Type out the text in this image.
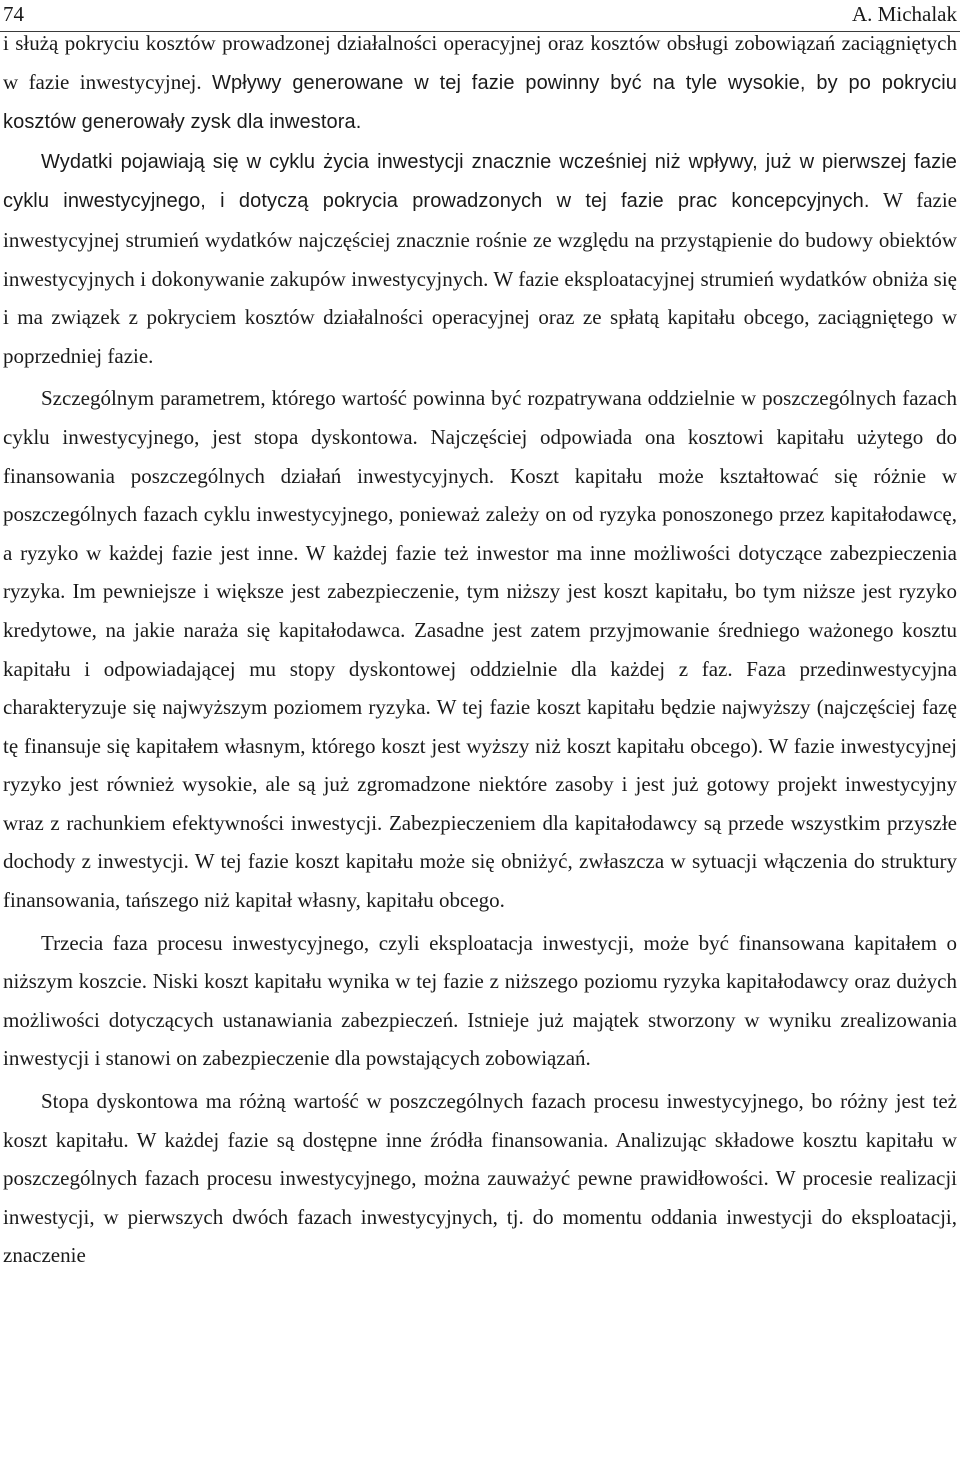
74	A. Michalak

i służą pokryciu kosztów prowadzonej działalności operacyjnej oraz kosztów obsługi zobowiązań zaciągniętych w fazie inwestycyjnej. Wpływy generowane w tej fazie powinny być na tyle wysokie, by po pokryciu kosztów generowały zysk dla inwestora.

Wydatki pojawiają się w cyklu życia inwestycji znacznie wcześniej niż wpływy, już w pierwszej fazie cyklu inwestycyjnego, i dotyczą pokrycia prowadzonych w tej fazie prac koncepcyjnych. W fazie inwestycyjnej strumień wydatków najczęściej znacznie rośnie ze względu na przystąpienie do budowy obiektów inwestycyjnych i dokonywanie zakupów inwestycyjnych. W fazie eksploatacyjnej strumień wydatków obniża się i ma związek z pokryciem kosztów działalności operacyjnej oraz ze spłatą kapitału obcego, zaciągniętego w poprzedniej fazie.

Szczególnym parametrem, którego wartość powinna być rozpatrywana oddzielnie w poszczególnych fazach cyklu inwestycyjnego, jest stopa dyskontowa. Najczęściej odpowiada ona kosztowi kapitału użytego do finansowania poszczególnych działań inwestycyjnych. Koszt kapitału może kształtować się różnie w poszczególnych fazach cyklu inwestycyjnego, ponieważ zależy on od ryzyka ponoszonego przez kapitałodawcę, a ryzyko w każdej fazie jest inne. W każdej fazie też inwestor ma inne możliwości dotyczące zabezpieczenia ryzyka. Im pewniejsze i większe jest zabezpieczenie, tym niższy jest koszt kapitału, bo tym niższe jest ryzyko kredytowe, na jakie naraża się kapitałodawca. Zasadne jest zatem przyjmowanie średniego ważonego kosztu kapitału i odpowiadającej mu stopy dyskontowej oddzielnie dla każdej z faz. Faza przedinwestycyjna charakteryzuje się najwyższym poziomem ryzyka. W tej fazie koszt kapitału będzie najwyższy (najczęściej fazę tę finansuje się kapitałem własnym, którego koszt jest wyższy niż koszt kapitału obcego). W fazie inwestycyjnej ryzyko jest również wysokie, ale są już zgromadzone niektóre zasoby i jest już gotowy projekt inwestycyjny wraz z rachunkiem efektywności inwestycji. Zabezpieczeniem dla kapitałodawcy są przede wszystkim przyszłe dochody z inwestycji. W tej fazie koszt kapitału może się obniżyć, zwłaszcza w sytuacji włączenia do struktury finansowania, tańszego niż kapitał własny, kapitału obcego.

Trzecia faza procesu inwestycyjnego, czyli eksploatacja inwestycji, może być finansowana kapitałem o niższym koszcie. Niski koszt kapitału wynika w tej fazie z niższego poziomu ryzyka kapitałodawcy oraz dużych możliwości dotyczących ustanawiania zabezpieczeń. Istnieje już majątek stworzony w wyniku zrealizowania inwestycji i stanowi on zabezpieczenie dla powstających zobowiązań.

Stopa dyskontowa ma różną wartość w poszczególnych fazach procesu inwestycyjnego, bo różny jest też koszt kapitału. W każdej fazie są dostępne inne źródła finansowania. Analizując składowe kosztu kapitału w poszczególnych fazach procesu inwestycyjnego, można zauważyć pewne prawidłowości. W procesie realizacji inwestycji, w pierwszych dwóch fazach inwestycyjnych, tj. do momentu oddania inwestycji do eksploatacji, znaczenie
